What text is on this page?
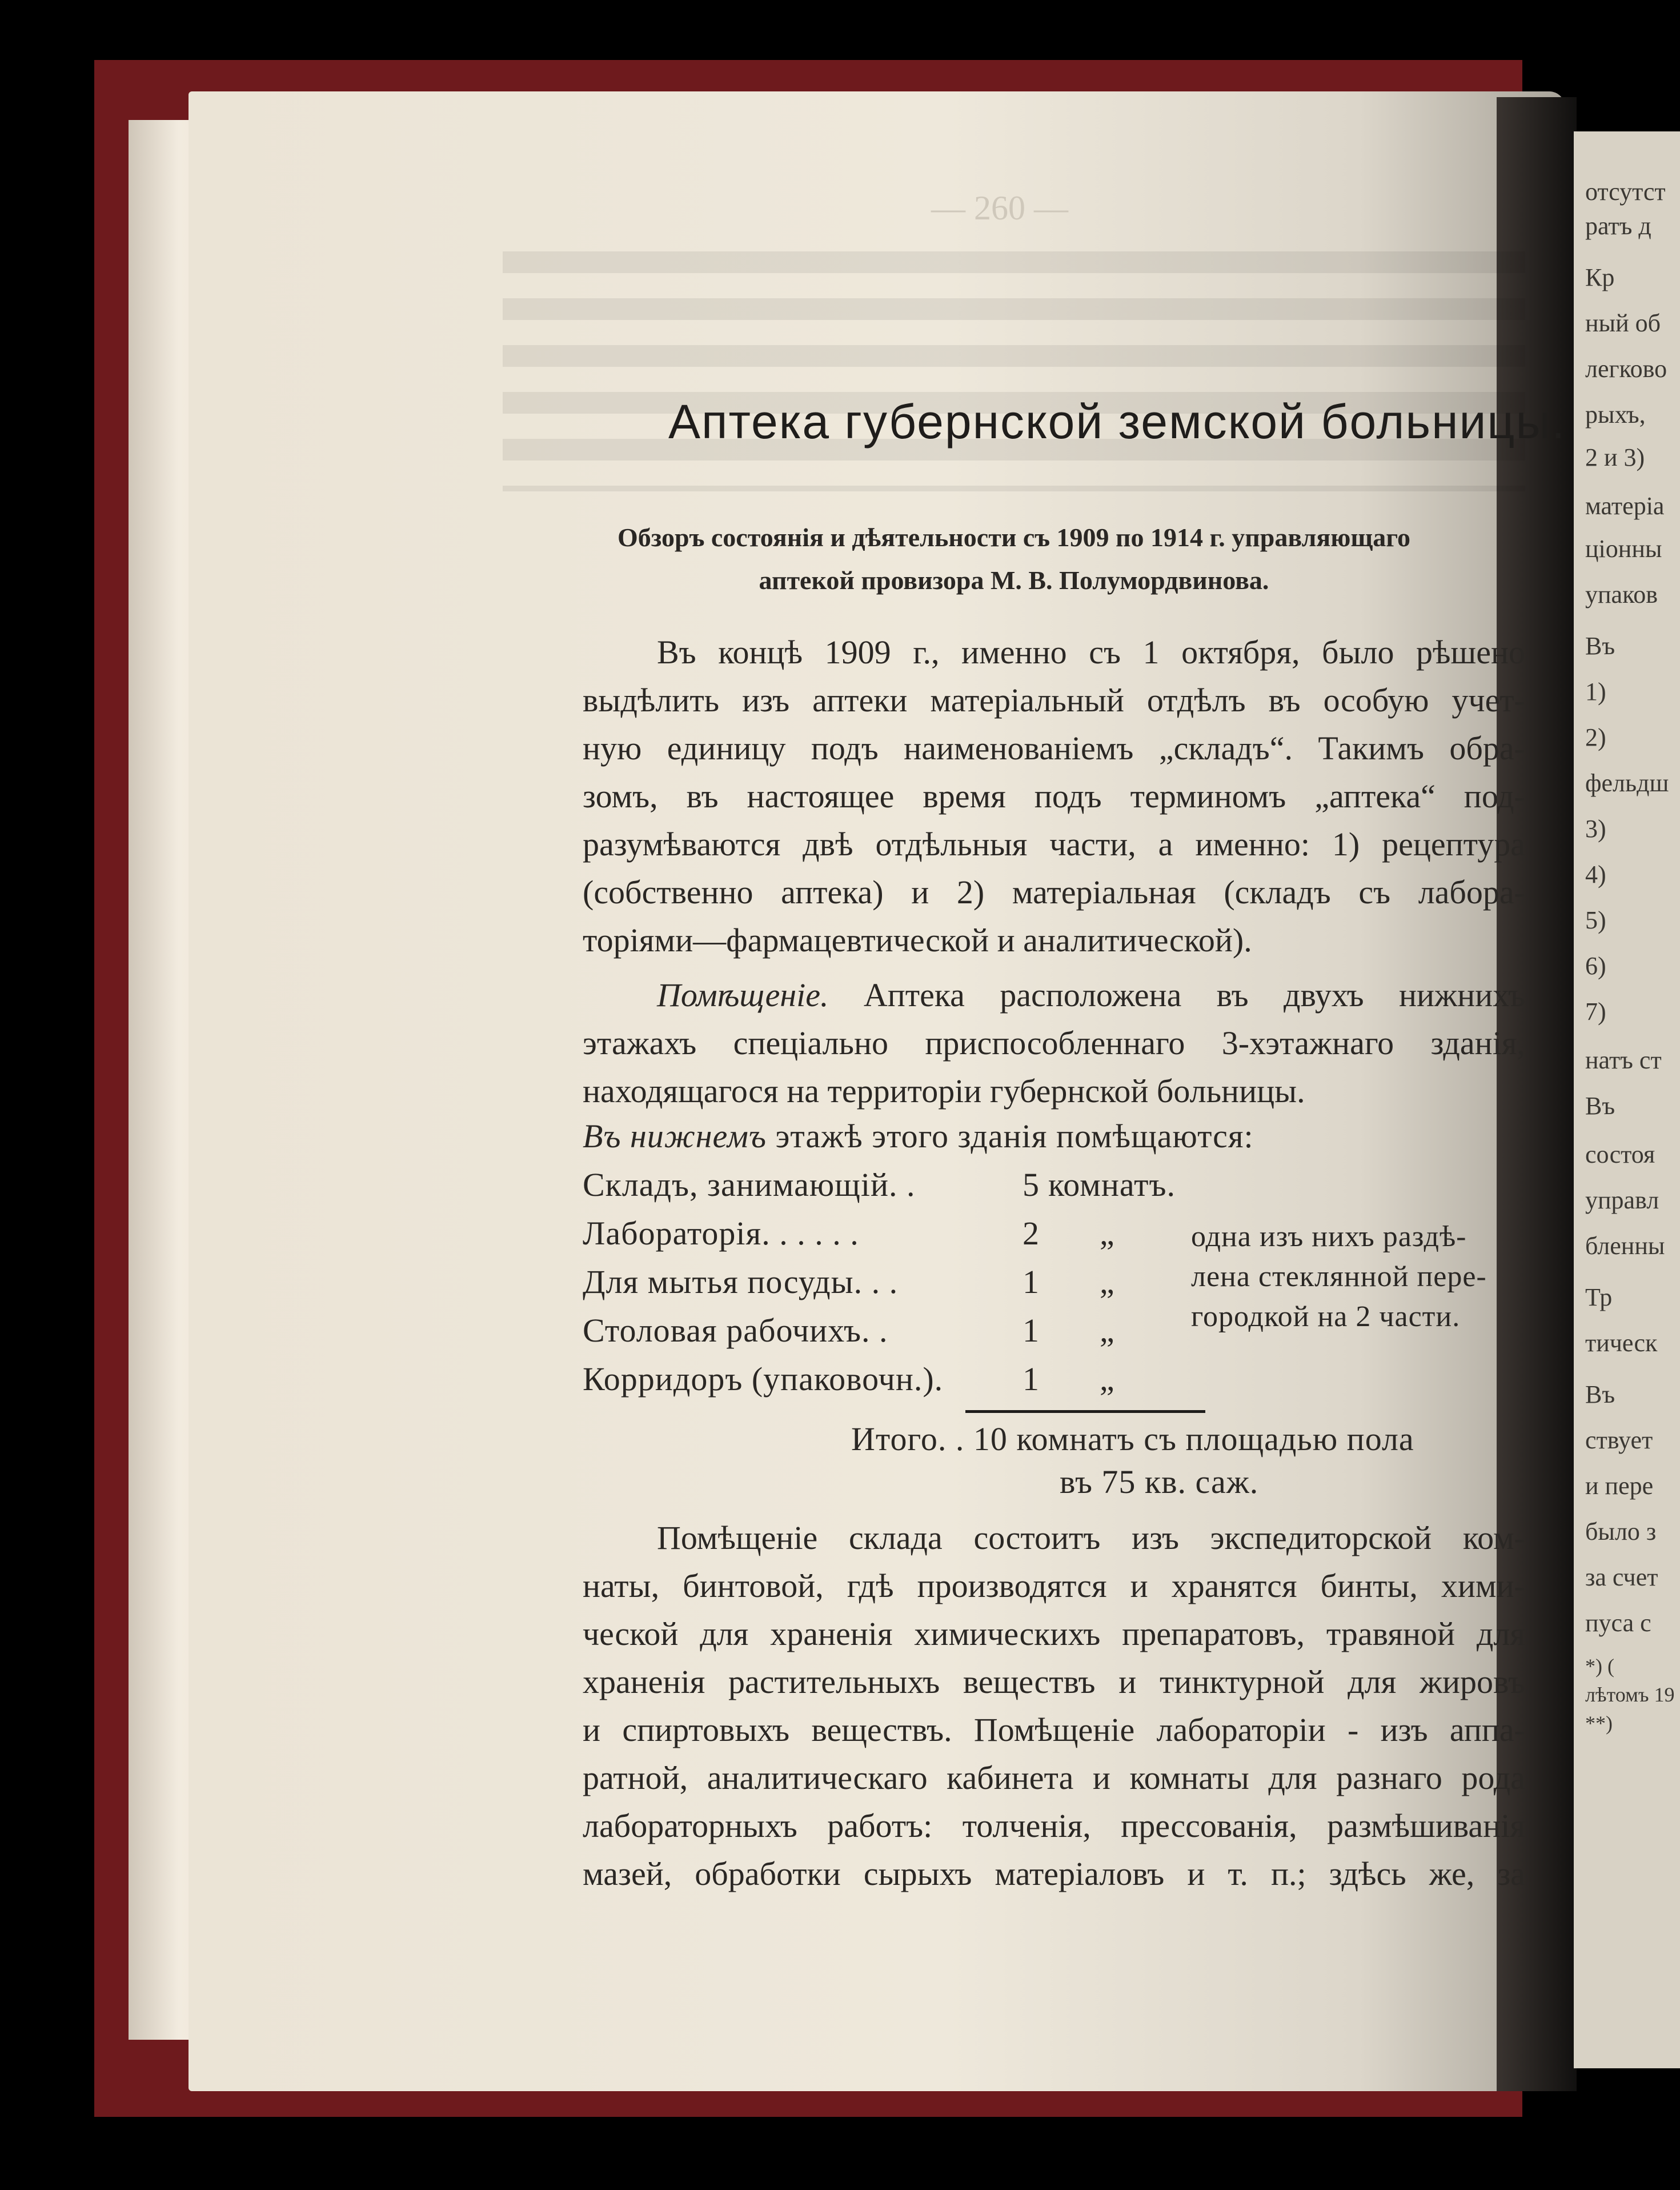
отсутст
ратъ д
Кр
ный об
легково
рыхъ,
2 и 3)
матеріа
ціонны
упаков
Въ
1)
2)
фельдш
3)
4)
5)
6)
7)
натъ ст
Въ
состоя
управл
бленны
Тр
тическ
Въ
ствует
и пере
было з
за счет
пуса с
*) (
лѣтомъ 19
**)
— 260 —
Аптека губернской земской больницы.
Обзоръ состоянія и дѣятельности съ 1909 по 1914 г. управляющаго
аптекой провизора М. В. Полумордвинова.
Въ концѣ 1909 г., именно съ 1 октября, было рѣшено
выдѣлить изъ аптеки матеріальный отдѣлъ въ особую учет-
ную единицу подъ наименованіемъ „складъ“. Такимъ обра-
зомъ, въ настоящее время подъ терминомъ „аптека“ под-
разумѣваются двѣ отдѣльныя части, а именно: 1) рецептура
(собственно аптека) и 2) матеріальная (складъ съ лабора-
торіями—фармацевтической и аналитической).
Помѣщеніе. Аптека расположена въ двухъ нижнихъ
этажахъ спеціально приспособленнаго 3-хэтажнаго зданія,
находящагося на территоріи губернской больницы.
Въ нижнемъ этажѣ этого зданія помѣщаются:
Складъ, занимающій. .	5 комнатъ.
Лабораторія. . . . . .	2 „
Для мытья посуды. . .	1 „
Столовая рабочихъ. .	1 „
Корридоръ (упаковочн.). 1 „
одна изъ нихъ раздѣ-
лена стеклянной пере-
городкой на 2 части.
Итого. . 10 комнатъ съ площадью пола
въ 75 кв. саж.
Помѣщеніе склада состоитъ изъ экспедиторской ком-
наты, бинтовой, гдѣ производятся и хранятся бинты, хими-
ческой для храненія химическихъ препаратовъ, травяной для
храненія растительныхъ веществъ и тинктурной для жировъ
и спиртовыхъ веществъ. Помѣщеніе лабораторіи - изъ аппа-
ратной, аналитическаго кабинета и комнаты для разнаго рода
лабораторныхъ работъ: толченія, прессованія, размѣшиванія
мазей, обработки сырыхъ матеріаловъ и т. п.; здѣсь же, за
